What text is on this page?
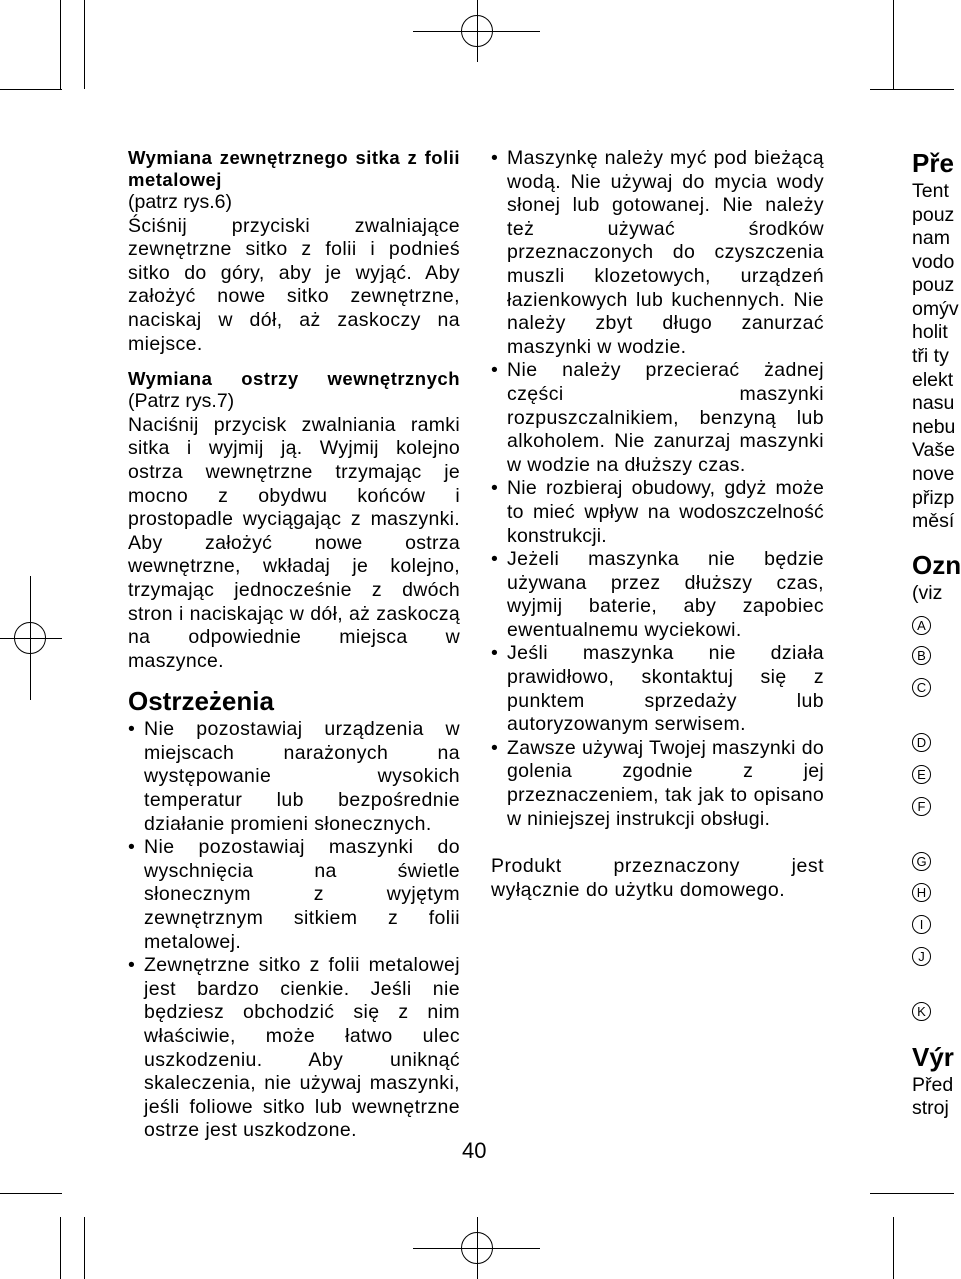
Wymiana zewnętrznego sitka z folii metalowej

(patrz rys.6)

Ściśnij przyciski zwalniające zewnętrzne sitko z folii i podnieś sitko do góry, aby je wyjąć. Aby założyć nowe sitko zewnętrzne, naciskaj w dół, aż zaskoczy na miejsce.

Wymiana ostrzy wewnętrznych

(Patrz rys.7)

Naciśnij przycisk zwalniania ramki sitka i wyjmij ją. Wyjmij kolejno ostrza wewnętrzne trzymając je mocno z obydwu końców i prostopadle wyciągając z maszynki. Aby założyć nowe ostrza wewnętrzne, wkładaj je kolejno, trzymając jednocześnie z dwóch stron i naciskając w dół, aż zaskoczą na odpowiednie miejsca w maszynce.

Ostrzeżenia

• Nie pozostawiaj urządzenia w miejscach narażonych na występowanie wysokich temperatur lub bezpośrednie działanie promieni słonecznych.
• Nie pozostawiaj maszynki do wyschnięcia na świetle słonecznym z wyjętym zewnętrznym sitkiem z folii metalowej.
• Zewnętrzne sitko z folii metalowej jest bardzo cienkie. Jeśli nie będziesz obchodzić się z nim właściwie, może łatwo ulec uszkodzeniu. Aby uniknąć skaleczenia, nie używaj maszynki, jeśli foliowe sitko lub wewnętrzne ostrze jest uszkodzone.
• Maszynkę należy myć pod bieżącą wodą. Nie używaj do mycia wody słonej lub gotowanej. Nie należy też używać środków przeznaczonych do czyszczenia muszli klozetowych, urządzeń łazienkowych lub kuchennych. Nie należy zbyt długo zanurzać maszynki w wodzie.
• Nie należy przecierać żadnej części maszynki rozpuszczalnikiem, benzyną lub alkoholem. Nie zanurzaj maszynki w wodzie na dłuższy czas.
• Nie rozbieraj obudowy, gdyż może to mieć wpływ na wodoszczelność konstrukcji.
• Jeżeli maszynka nie będzie używana przez dłuższy czas, wyjmij baterie, aby zapobiec ewentualnemu wyciekowi.
• Jeśli maszynka nie działa prawidłowo, skontaktuj się z punktem sprzedaży lub autoryzowanym serwisem.
• Zawsze używaj Twojej maszynki do golenia zgodnie z jej przeznaczeniem, tak jak to opisano w niniejszej instrukcji obsługi.

Produkt przeznaczony jest wyłącznie do użytku domowego.

40
Pře
Tent
pouz
nam
vodo
pouz
omýv
holit
tři ty
elekt
nasu
nebu
Vaše
nove
přizp
měsí
Ozn
(viz
A
B
C
D
E
F
G
H
I
J
K
Výr
Před
stroj
